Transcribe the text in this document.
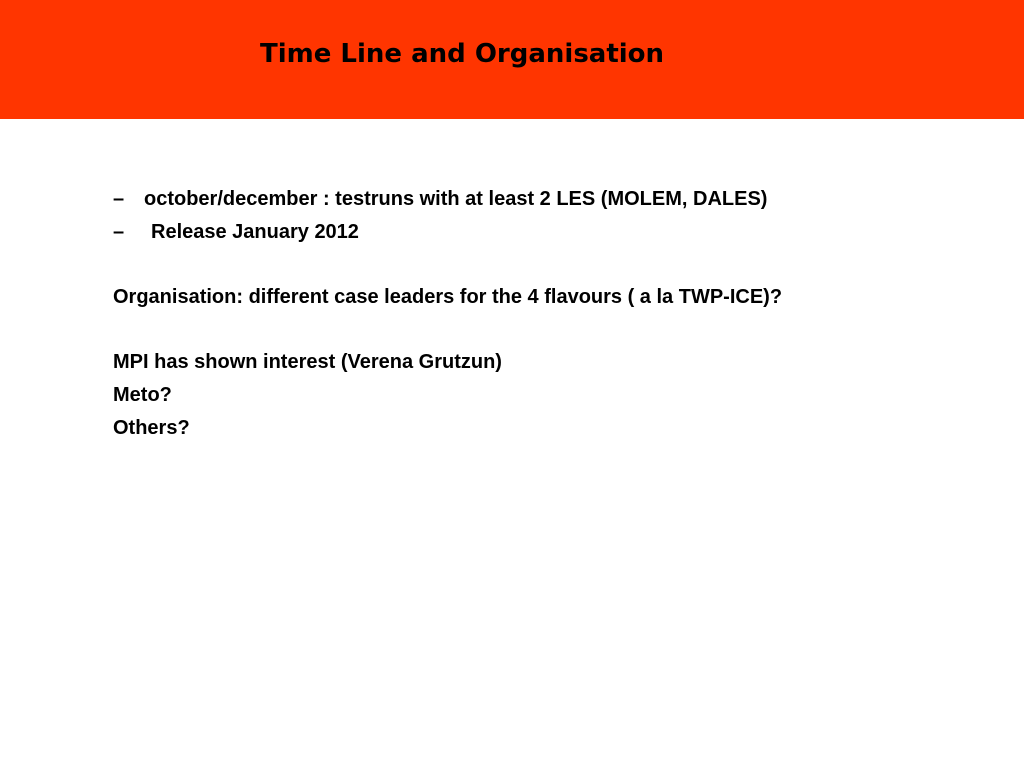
Time Line and Organisation
– october/december : testruns with at least 2 LES (MOLEM, DALES)
– Release January 2012
Organisation: different case leaders for the 4 flavours ( a la TWP-ICE)?
MPI has shown interest (Verena Grutzun)
Meto?
Others?
